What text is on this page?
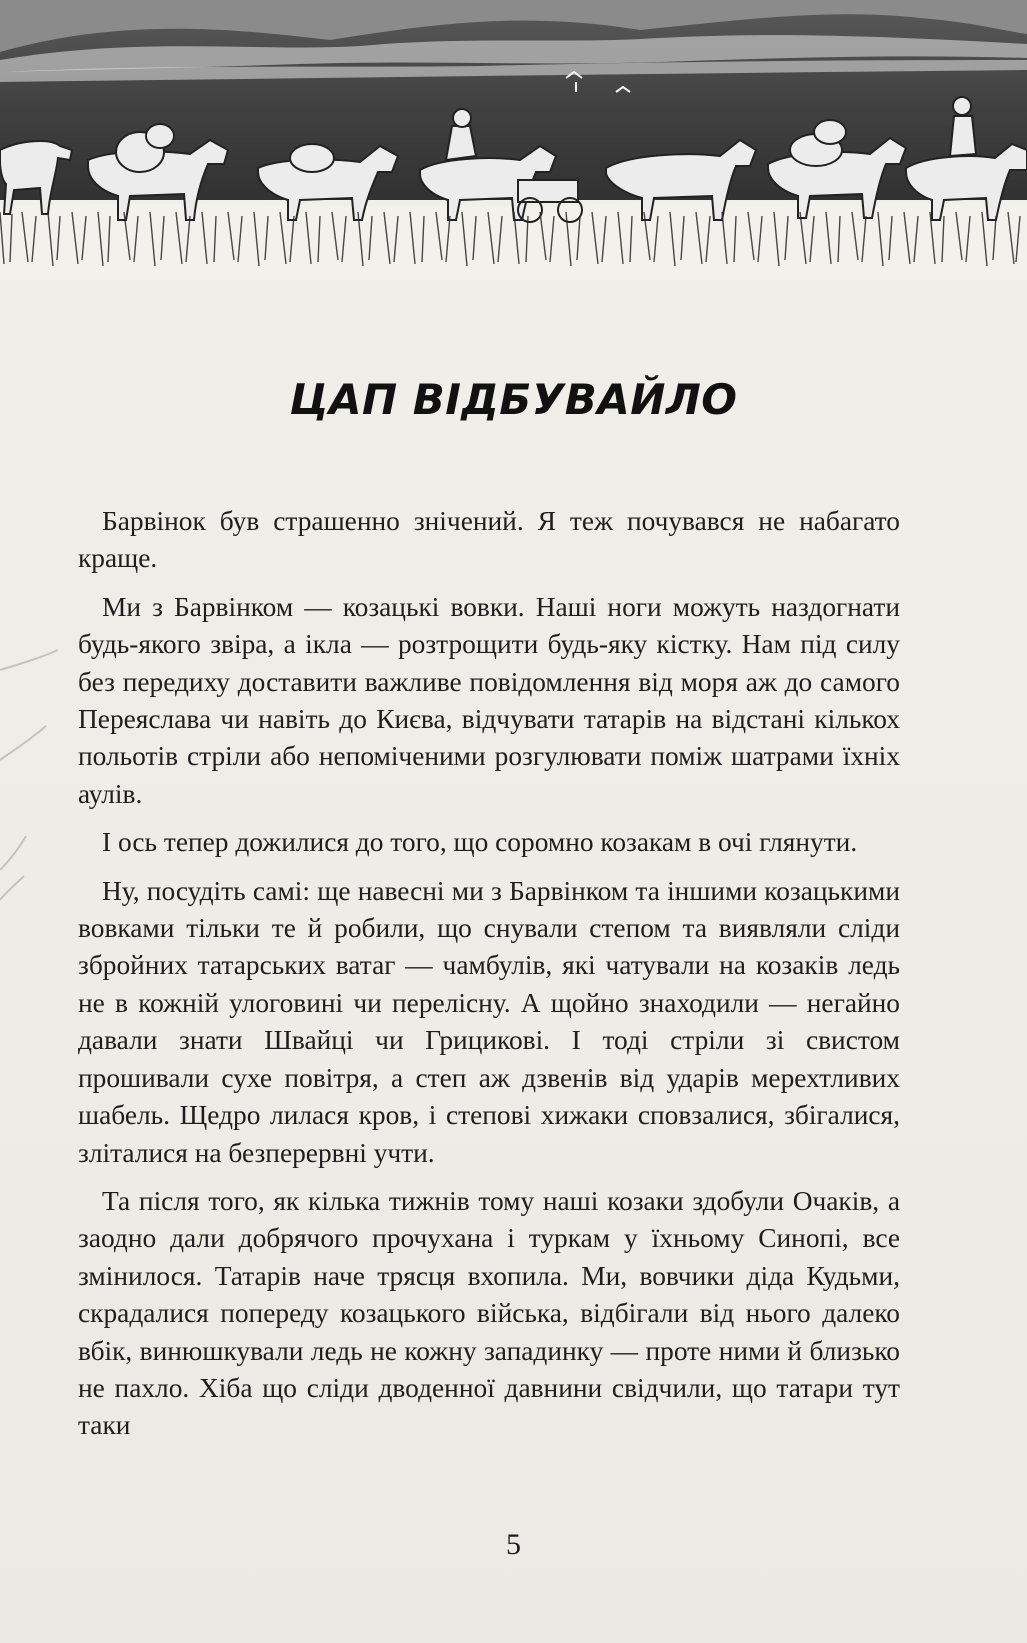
ЦАП ВІДБУВАЙЛО

Барвінок був страшенно знічений. Я теж почувався не набагато краще.

Ми з Барвінком — козацькі вовки. Наші ноги можуть наздогнати будь-якого звіра, а ікла — розтрощити будь-яку кістку. Нам під силу без передиху доставити важливе повідомлення від моря аж до самого Переяслава чи навіть до Києва, відчувати татарів на відстані кількох польотів стріли або непоміченими розгулювати поміж шатрами їхніх аулів.

І ось тепер дожилися до того, що соромно козакам в очі глянути.

Ну, посудіть самі: ще навесні ми з Барвінком та іншими козацькими вовками тільки те й робили, що снували степом та виявляли сліди збройних татарських ватаг — чамбулів, які чатували на козаків ледь не в кожній улоговині чи перелісну. А щойно знаходили — негайно давали знати Швайці чи Грицикові. І тоді стріли зі свистом прошивали сухе повітря, а степ аж дзвенів від ударів мерехтливих шабель. Щедро лилася кров, і степові хижаки сповзалися, збігалися, зліталися на безперервні учти.

Та після того, як кілька тижнів тому наші козаки здобули Очаків, а заодно дали добрячого прочухана і туркам у їхньому Синопі, все змінилося. Татарів наче трясця вхопила. Ми, вовчики діда Кудьми, скрадалися попереду козацького війська, відбігали від нього далеко вбік, винюшкували ледь не кожну западинку — проте ними й близько не пахло. Хіба що сліди дводенної давнини свідчили, що татари тут таки

5
